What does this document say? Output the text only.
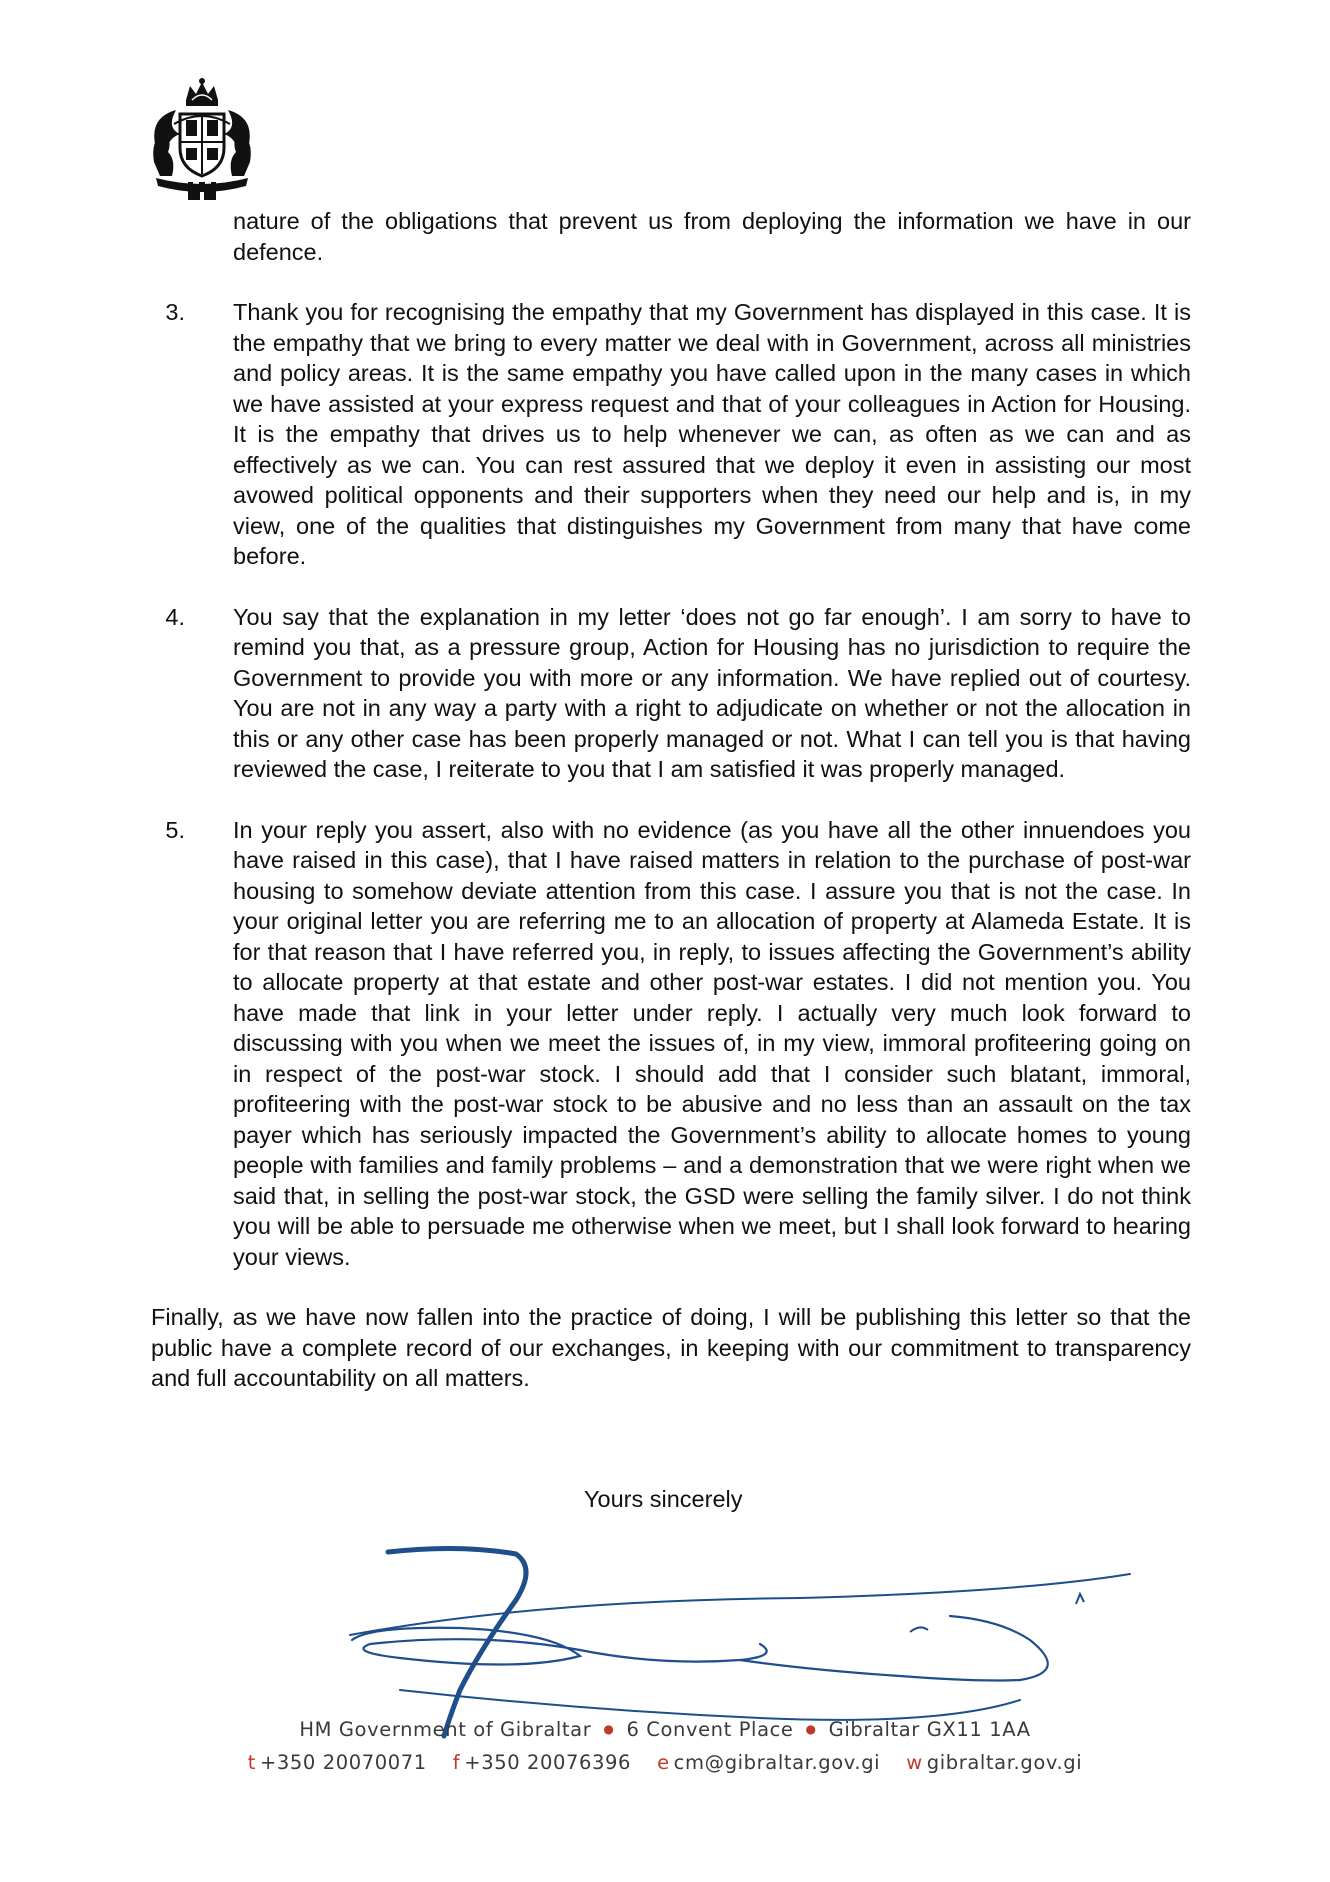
nature of the obligations that prevent us from deploying the information we have in our defence.

3. Thank you for recognising the empathy that my Government has displayed in this case. It is the empathy that we bring to every matter we deal with in Government, across all ministries and policy areas. It is the same empathy you have called upon in the many cases in which we have assisted at your express request and that of your colleagues in Action for Housing. It is the empathy that drives us to help whenever we can, as often as we can and as effectively as we can. You can rest assured that we deploy it even in assisting our most avowed political opponents and their supporters when they need our help and is, in my view, one of the qualities that distinguishes my Government from many that have come before.
4. You say that the explanation in my letter ‘does not go far enough’. I am sorry to have to remind you that, as a pressure group, Action for Housing has no jurisdiction to require the Government to provide you with more or any information. We have replied out of courtesy. You are not in any way a party with a right to adjudicate on whether or not the allocation in this or any other case has been properly managed or not. What I can tell you is that having reviewed the case, I reiterate to you that I am satisfied it was properly managed.
5. In your reply you assert, also with no evidence (as you have all the other innuendoes you have raised in this case), that I have raised matters in relation to the purchase of post-war housing to somehow deviate attention from this case. I assure you that is not the case. In your original letter you are referring me to an allocation of property at Alameda Estate. It is for that reason that I have referred you, in reply, to issues affecting the Government’s ability to allocate property at that estate and other post-war estates. I did not mention you. You have made that link in your letter under reply. I actually very much look forward to discussing with you when we meet the issues of, in my view, immoral profiteering going on in respect of the post-war stock. I should add that I consider such blatant, immoral, profiteering with the post-war stock to be abusive and no less than an assault on the tax payer which has seriously impacted the Government’s ability to allocate homes to young people with families and family problems – and a demonstration that we were right when we said that, in selling the post-war stock, the GSD were selling the family silver. I do not think you will be able to persuade me otherwise when we meet, but I shall look forward to hearing your views.

Finally, as we have now fallen into the practice of doing, I will be publishing this letter so that the public have a complete record of our exchanges, in keeping with our commitment to transparency and full accountability on all matters.

Yours sincerely
HM Government of Gibraltar ● 6 Convent Place ● Gibraltar GX11 1AA
t +350 20070071 f +350 20076396 e cm@gibraltar.gov.gi w gibraltar.gov.gi
